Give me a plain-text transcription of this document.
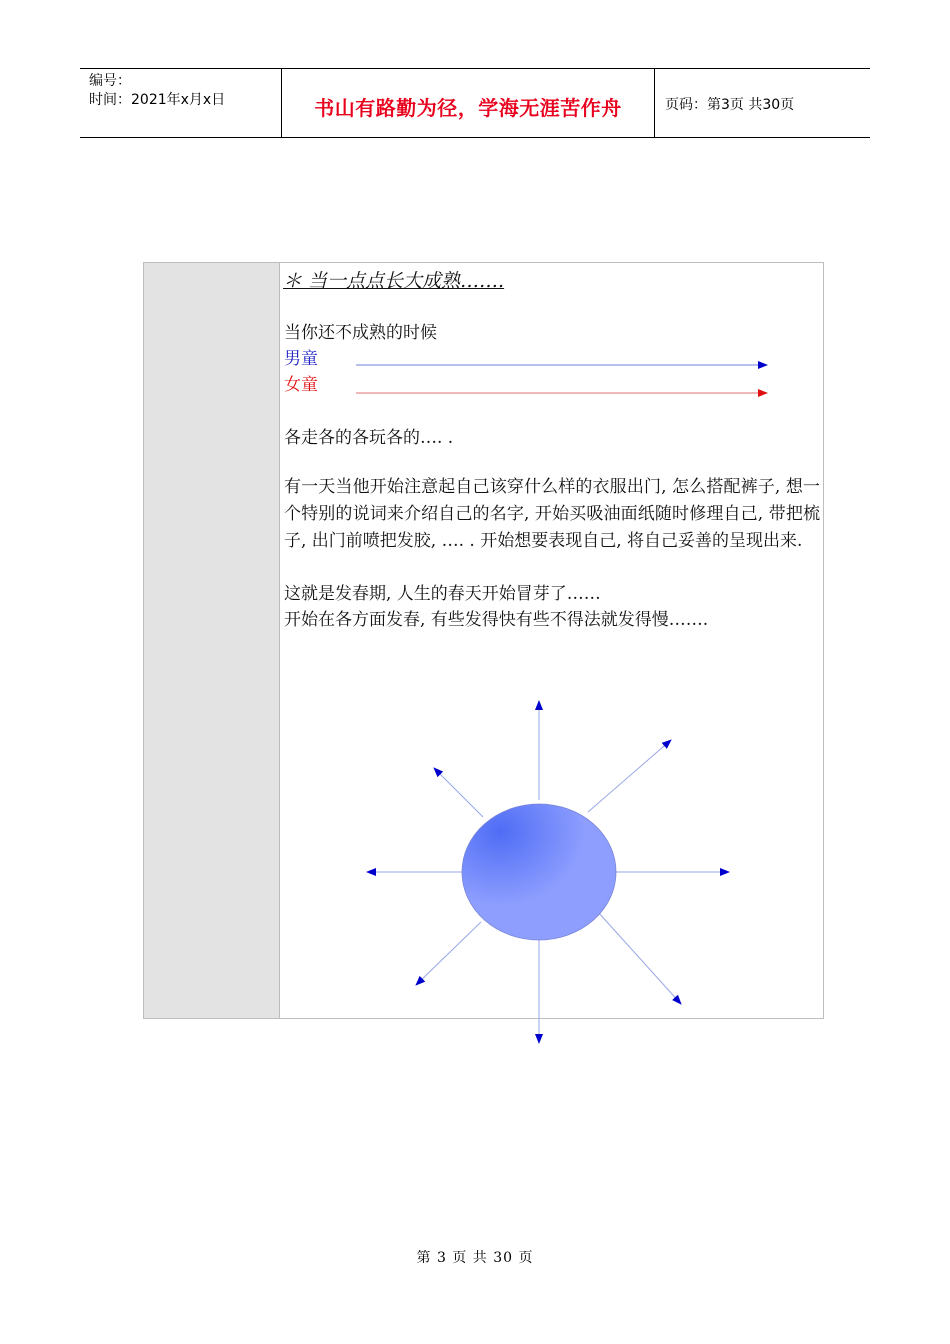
编号：
时间：2021年x月x日	书山有路勤为径，学海无涯苦作舟	页码：第3页 共30页
＊ 当一点点长大成熟…….
当你还不成熟的时候
男童
女童
各走各的各玩各的…. .
有一天当他开始注意起自己该穿什么样的衣服出门, 怎么搭配裤子, 想一个特别的说词来介绍自己的名字, 开始买吸油面纸随时修理自己, 带把梳子, 出门前喷把发胶, …. . 开始想要表现自己, 将自己妥善的呈现出来.
这就是发春期, 人生的春天开始冒芽了……
开始在各方面发春, 有些发得快有些不得法就发得慢…….
第 3 页 共 30 页
